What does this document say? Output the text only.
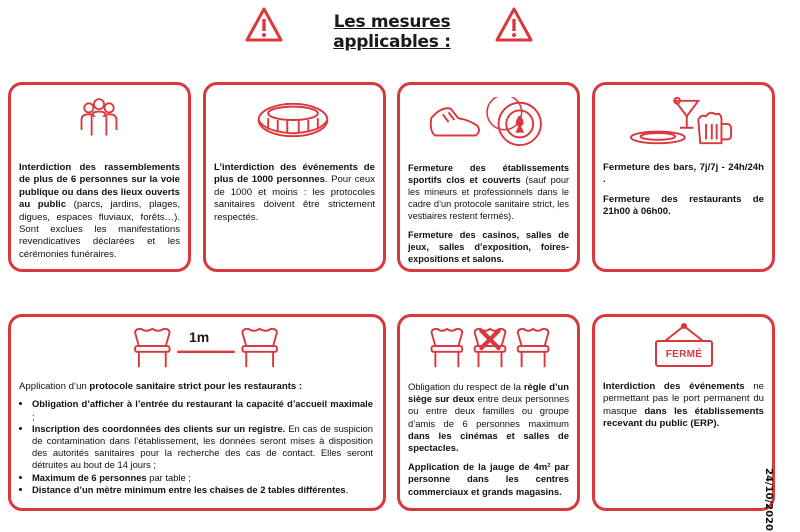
Les mesures applicables :

Interdiction des rassemblements de plus de 6 personnes sur la voie publique ou dans des lieux ouverts au public (parcs, jardins, plages, digues, espaces fluviaux, forêts…). Sont exclues les manifestations revendicatives déclarées et les cérémonies funéraires.

L’interdiction des événements de plus de 1000 personnes. Pour ceux de 1000 et moins : les protocoles sanitaires doivent être strictement respectés.

Fermeture des établissements sportifs clos et couverts (sauf pour les mineurs et professionnels dans le cadre d’un protocole sanitaire strict, les vestiaires restent fermés).

Fermeture des casinos, salles de jeux, salles d’exposition, foires-expositions et salons.

Fermeture des bars, 7j/7j - 24h/24h .

Fermeture des restaurants de 21h00 à 06h00.

1m

Application d’un protocole sanitaire strict pour les restaurants :

• Obligation d’afficher à l’entrée du restaurant la capacité d’accueil maximale ;
• Inscription des coordonnées des clients sur un registre. En cas de suspicion de contamination dans l’établissement, les données seront mises à disposition des autorités sanitaires pour la recherche des cas de contact. Elles seront détruites au bout de 14 jours ;
• Maximum de 6 personnes par table ;
• Distance d’un mètre minimum entre les chaises de 2 tables différentes.

Obligation du respect de la règle d’un siège sur deux entre deux personnes ou entre deux familles ou groupe d’amis de 6 personnes maximum dans les cinémas et salles de spectacles.

Application de la jauge de 4m² par personne dans les centres commerciaux et grands magasins.

FERMÉ

Interdiction des événements ne permettant pas le port permanent du masque dans les établissements recevant du public (ERP).

24/10/2020
